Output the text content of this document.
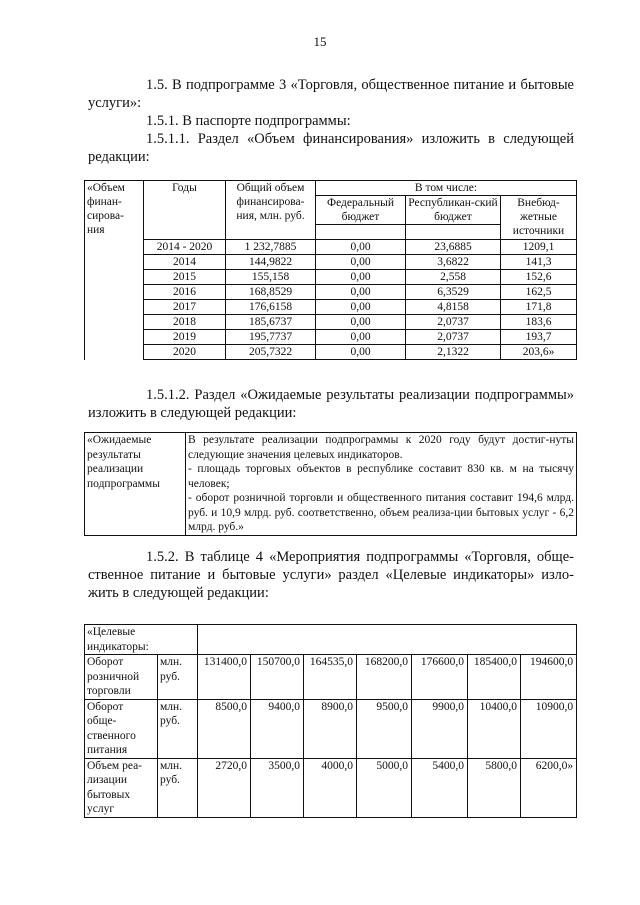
15
1.5. В подпрограмме 3 «Торговля, общественное питание и бытовые услуги»:
1.5.1. В паспорте подпрограммы:
1.5.1.1. Раздел «Объем финансирования» изложить в следующей редакции:
«Объем финан-сирова-ния	Годы	Общий объем финансирова-ния, млн. руб.	В том числе:		
			Федеральный бюджет	Республикан-ский бюджет	Внебюд-жетные источники

	2014 - 2020	1 232,7885	0,00	23,6885	1209,1
	2014	144,9822	0,00	3,6822	141,3
	2015	155,158	0,00	2,558	152,6
	2016	168,8529	0,00	6,3529	162,5
	2017	176,6158	0,00	4,8158	171,8
	2018	185,6737	0,00	2,0737	183,6
	2019	195,7737	0,00	2,0737	193,7
	2020	205,7322	0,00	2,1322	203,6»
1.5.1.2. Раздел «Ожидаемые результаты реализации подпрограммы» изложить в следующей редакции:
«Ожидаемые результаты реализации подпрограммы	В результате реализации подпрограммы к 2020 году будут достиг-нуты следующие значения целевых индикаторов.
- площадь торговых объектов в республике составит 830 кв. м на тысячу человек;
- оборот розничной торговли и общественного питания составит 194,6 млрд. руб. и 10,9 млрд. руб. соответственно, объем реализа-ции бытовых услуг - 6,2 млрд. руб.»
1.5.2. В таблице 4 «Мероприятия подпрограммы «Торговля, обще-ственное питание и бытовые услуги» раздел «Целевые индикаторы» изло-жить в следующей редакции:
«Целевые индикаторы:								
Оборот розничной торговли	млн. руб.	131400,0	150700,0	164535,0	168200,0	176600,0	185400,0	194600,0
Оборот обще-ственного питания	млн. руб.	8500,0	9400,0	8900,0	9500,0	9900,0	10400,0	10900,0
Объем реа-лизации бытовых услуг	млн. руб.	2720,0	3500,0	4000,0	5000,0	5400,0	5800,0	6200,0»
